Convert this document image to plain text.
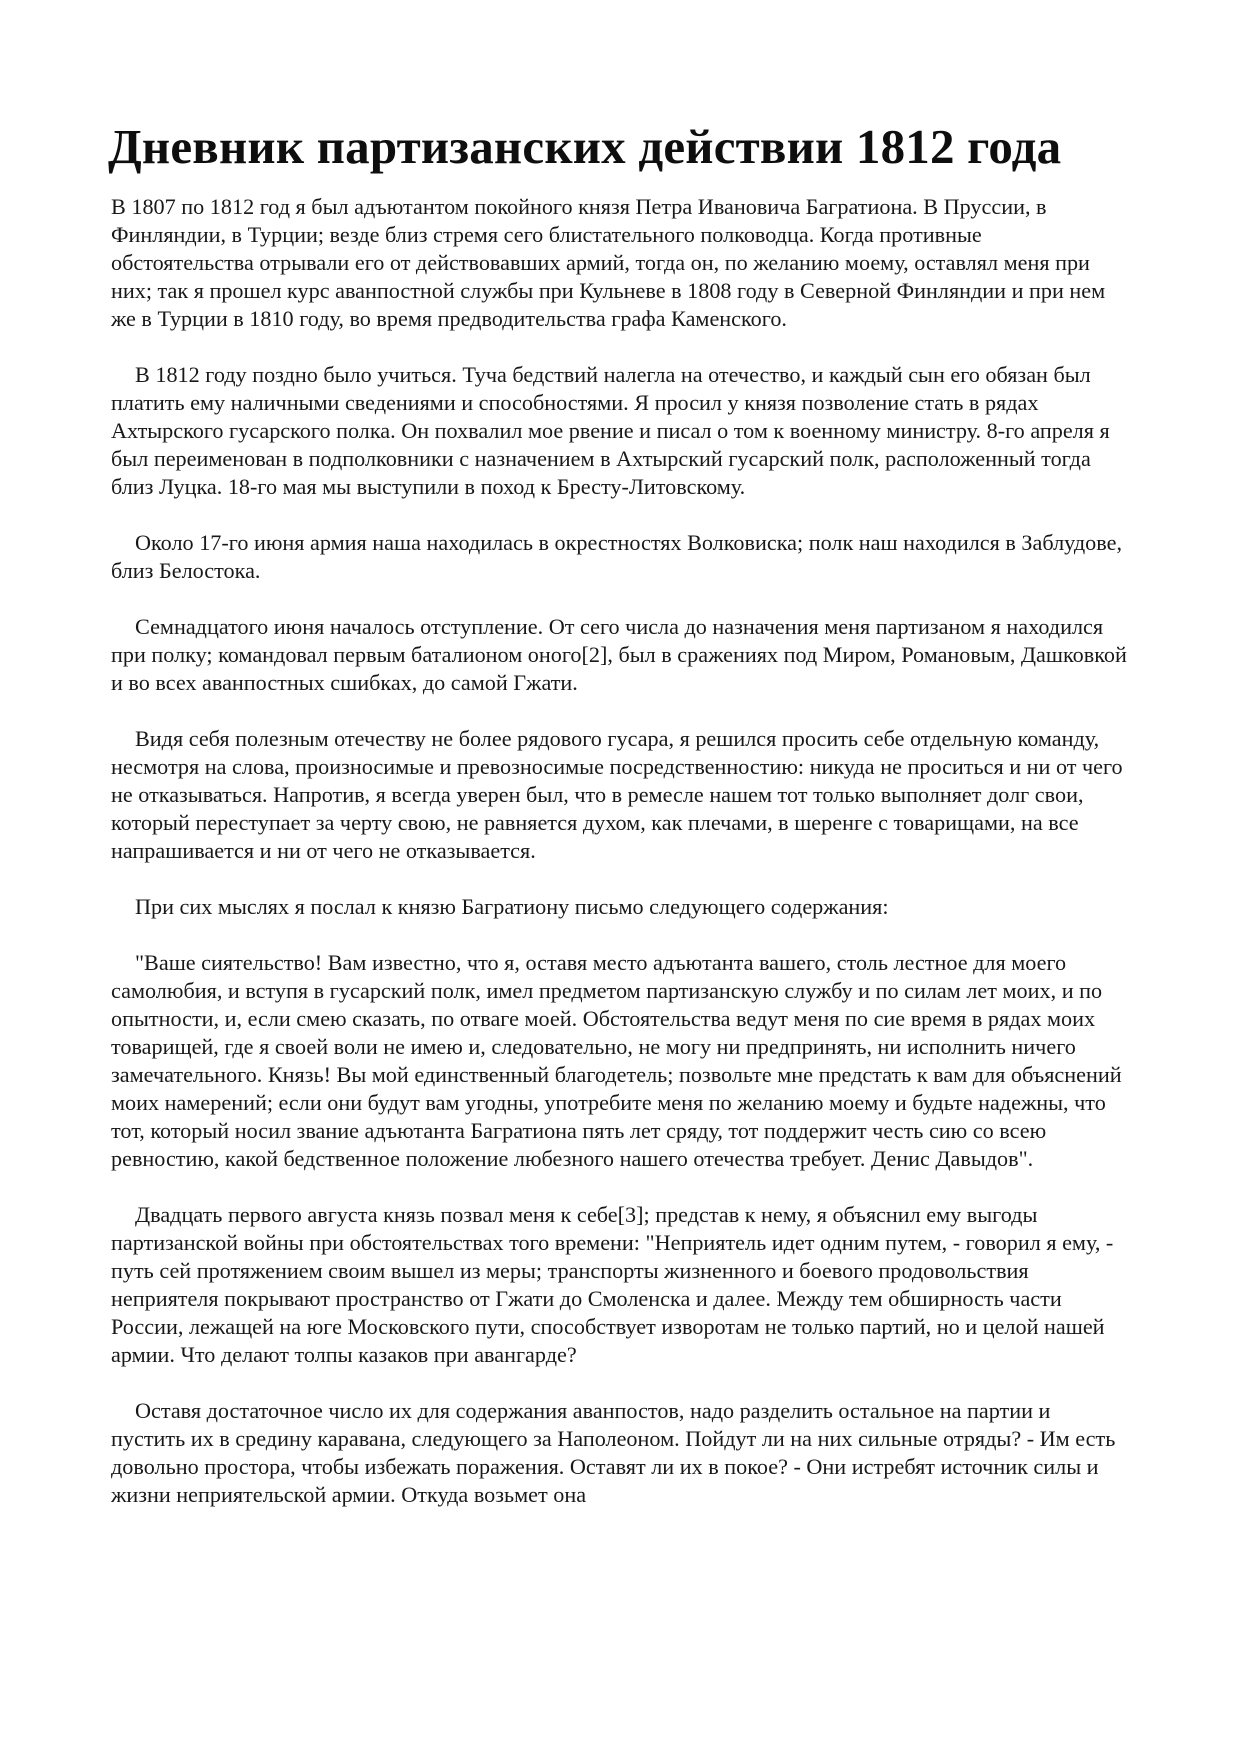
Дневник партизанских действии 1812 года

В 1807 по 1812 год я был адъютантом покойного князя Петра Ивановича Багратиона. В Пруссии, в Финляндии, в Турции; везде близ стремя сего блистательного полководца. Когда противные обстоятельства отрывали его от действовавших армий, тогда он, по желанию моему, оставлял меня при них; так я прошел курс аванпостной службы при Кульневе в 1808 году в Северной Финляндии и при нем же в Турции в 1810 году, во время предводительства графа Каменского.

В 1812 году поздно было учиться. Туча бедствий налегла на отечество, и каждый сын его обязан был платить ему наличными сведениями и способностями. Я просил у князя позволение стать в рядах Ахтырского гусарского полка. Он похвалил мое рвение и писал о том к военному министру. 8-го апреля я был переименован в подполковники с назначением в Ахтырский гусарский полк, расположенный тогда близ Луцка. 18-го мая мы выступили в поход к Бресту-Литовскому.

Около 17-го июня армия наша находилась в окрестностях Волковиска; полк наш находился в Заблудове, близ Белостока.

Семнадцатого июня началось отступление. От сего числа до назначения меня партизаном я находился при полку; командовал первым баталионом оного[2], был в сражениях под Миром, Романовым, Дашковкой и во всех аванпостных сшибках, до самой Гжати.

Видя себя полезным отечеству не более рядового гусара, я решился просить себе отдельную команду, несмотря на слова, произносимые и превозносимые посредственностию: никуда не проситься и ни от чего не отказываться. Напротив, я всегда уверен был, что в ремесле нашем тот только выполняет долг свои, который переступает за черту свою, не равняется духом, как плечами, в шеренге с товарищами, на все напрашивается и ни от чего не отказывается.

При сих мыслях я послал к князю Багратиону письмо следующего содержания:

"Ваше сиятельство! Вам известно, что я, оставя место адъютанта вашего, столь лестное для моего самолюбия, и вступя в гусарский полк, имел предметом партизанскую службу и по силам лет моих, и по опытности, и, если смею сказать, по отваге моей. Обстоятельства ведут меня по сие время в рядах моих товарищей, где я своей воли не имею и, следовательно, не могу ни предпринять, ни исполнить ничего замечательного. Князь! Вы мой единственный благодетель; позвольте мне предстать к вам для объяснений моих намерений; если они будут вам угодны, употребите меня по желанию моему и будьте надежны, что тот, который носил звание адъютанта Багратиона пять лет сряду, тот поддержит честь сию со всею ревностию, какой бедственное положение любезного нашего отечества требует. Денис Давыдов".

Двадцать первого августа князь позвал меня к себе[3]; представ к нему, я объяснил ему выгоды партизанской войны при обстоятельствах того времени: "Неприятель идет одним путем, - говорил я ему, - путь сей протяжением своим вышел из меры; транспорты жизненного и боевого продовольствия неприятеля покрывают пространство от Гжати до Смоленска и далее. Между тем обширность части России, лежащей на юге Московского пути, способствует изворотам не только партий, но и целой нашей армии. Что делают толпы казаков при авангарде?

Оставя достаточное число их для содержания аванпостов, надо разделить остальное на партии и пустить их в средину каравана, следующего за Наполеоном. Пойдут ли на них сильные отряды? - Им есть довольно простора, чтобы избежать поражения. Оставят ли их в покое? - Они истребят источник силы и жизни неприятельской армии. Откуда возьмет она
